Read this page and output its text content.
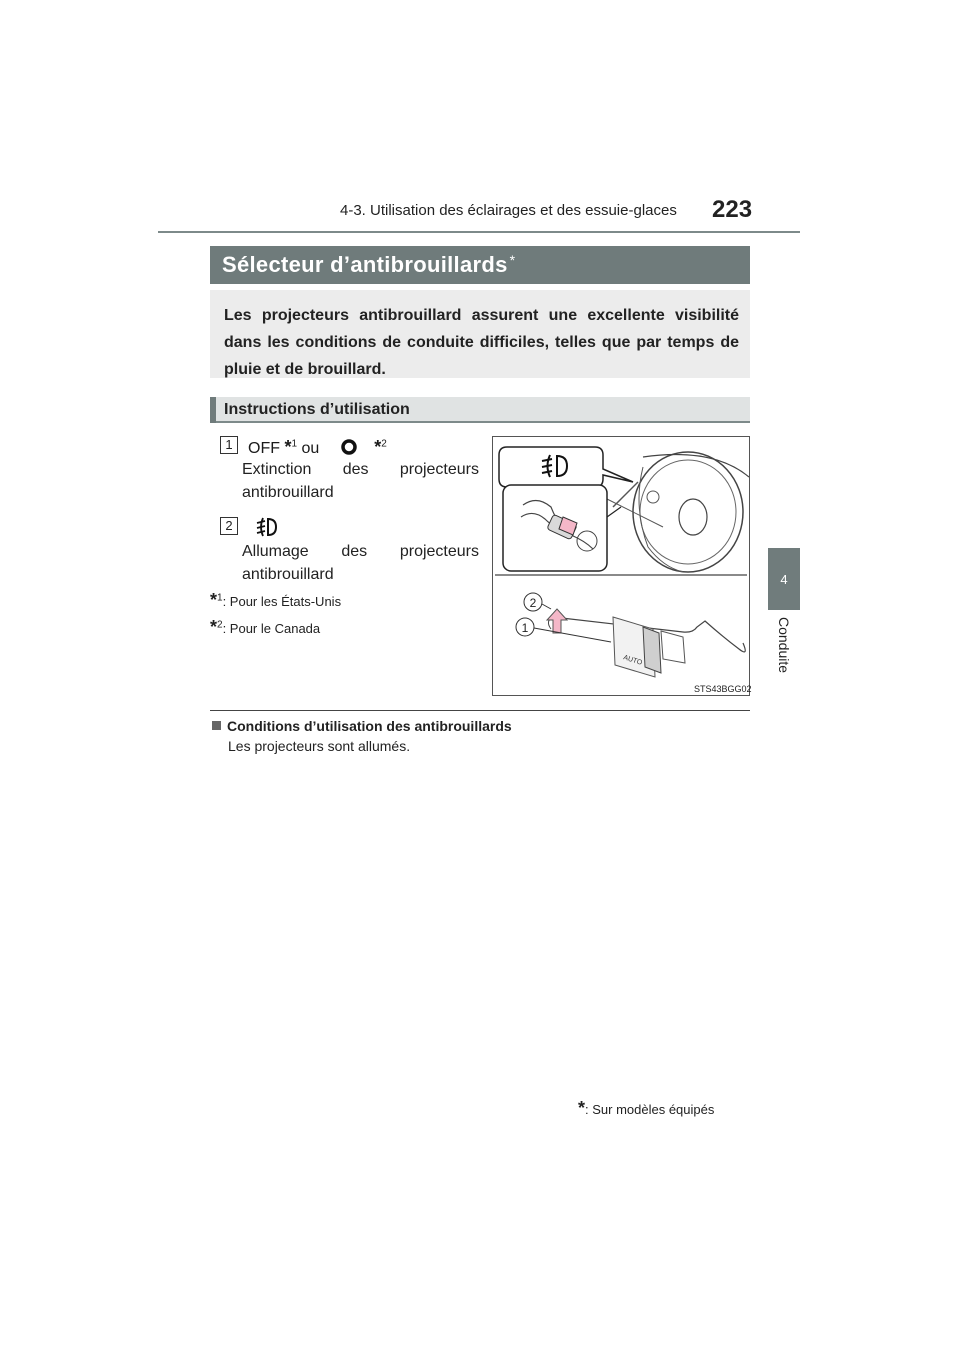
4-3. Utilisation des éclairages et des essuie-glaces 223
4
Conduite
Sélecteur d’antibrouillards *
Les projecteurs antibrouillard assurent une excellente visibilité dans les conditions de conduite difficiles, telles que par temps de pluie et de brouillard.
Instructions d’utilisation
1 OFF *$^1$ ou	*$^2$
Extinction des projecteurs
antibrouillard
2
Allumage des projecteurs
antibrouillard
*$^1$: Pour les États-Unis
*$^2$: Pour le Canada
AUTO
2
1
STS43BGG02
Conditions d’utilisation des antibrouillards
Les projecteurs sont allumés.
*: Sur modèles équipés
